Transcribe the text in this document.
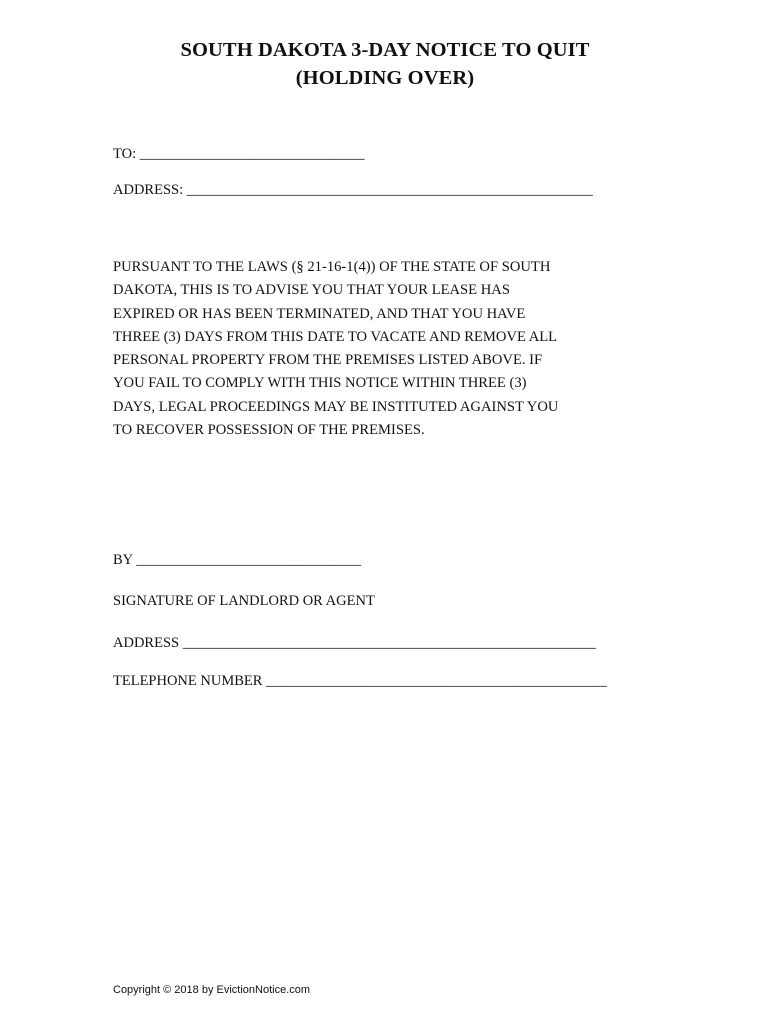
SOUTH DAKOTA 3-DAY NOTICE TO QUIT
(HOLDING OVER)
TO: _______________________________
ADDRESS: ________________________________________________________
PURSUANT TO THE LAWS (§ 21-16-1(4)) OF THE STATE OF SOUTH
DAKOTA, THIS IS TO ADVISE YOU THAT YOUR LEASE HAS
EXPIRED OR HAS BEEN TERMINATED, AND THAT YOU HAVE
THREE (3) DAYS FROM THIS DATE TO VACATE AND REMOVE ALL
PERSONAL PROPERTY FROM THE PREMISES LISTED ABOVE. IF
YOU FAIL TO COMPLY WITH THIS NOTICE WITHIN THREE (3)
DAYS, LEGAL PROCEEDINGS MAY BE INSTITUTED AGAINST YOU
TO RECOVER POSSESSION OF THE PREMISES.
BY _______________________________
SIGNATURE OF LANDLORD OR AGENT
ADDRESS _________________________________________________________
TELEPHONE NUMBER _______________________________________________
Copyright © 2018 by EvictionNotice.com
